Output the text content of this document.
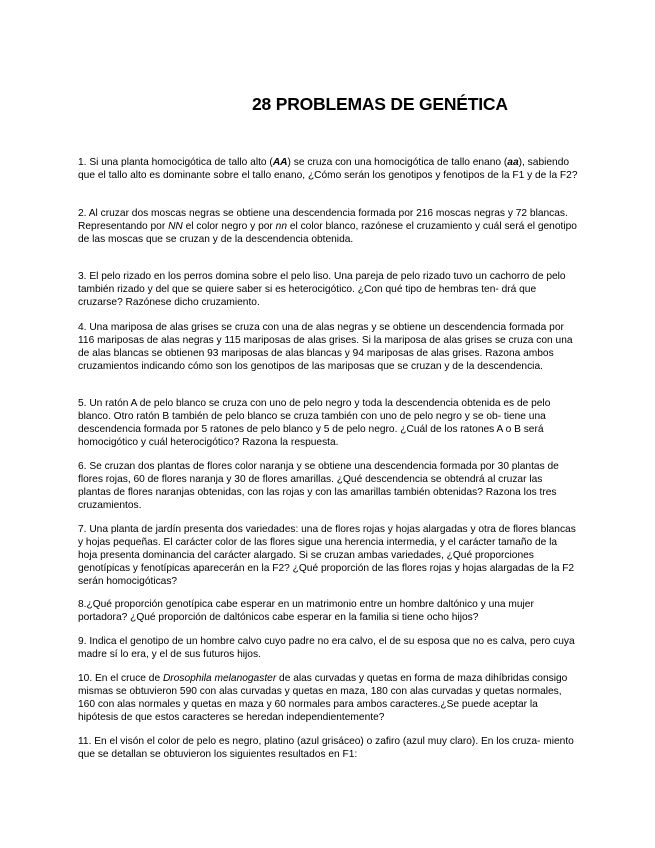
28 PROBLEMAS DE GENÉTICA

1. Si una planta homocigótica de tallo alto (AA) se cruza con una homocigótica de tallo enano (aa), sabiendo que el tallo alto es dominante sobre el tallo enano, ¿Cómo serán los genotipos y fenotipos de la F1 y de la F2?

2. Al cruzar dos moscas negras se obtiene una descendencia formada por 216 moscas negras y 72 blancas. Representando por NN el color negro y por nn el color blanco, razónese el cruzamiento y cuál será el genotipo de las moscas que se cruzan y de la descendencia obtenida.

3. El pelo rizado en los perros domina sobre el pelo liso. Una pareja de pelo rizado tuvo un cachorro de pelo también rizado y del que se quiere saber si es heterocigótico. ¿Con qué tipo de hembras ten- drá que cruzarse? Razónese dicho cruzamiento.

4. Una mariposa de alas grises se cruza con una de alas negras y se obtiene un descendencia formada por 116 mariposas de alas negras y 115 mariposas de alas grises. Si la mariposa de alas grises se cruza con una de alas blancas se obtienen 93 mariposas de alas blancas y 94 mariposas de alas grises. Razona ambos cruzamientos indicando cómo son los genotipos de las mariposas que se cruzan y de la descendencia.

5. Un ratón A de pelo blanco se cruza con uno de pelo negro y toda la descendencia obtenida es de pelo blanco. Otro ratón B también de pelo blanco se cruza también con uno de pelo negro y se ob- tiene una descendencia formada por 5 ratones de pelo blanco y 5 de pelo negro. ¿Cuál de los ratones A o B será homocigótico y cuál heterocigótico? Razona la respuesta.

6. Se cruzan dos plantas de flores color naranja y se obtiene una descendencia formada por 30 plantas de flores rojas, 60 de flores naranja y 30 de flores amarillas. ¿Qué descendencia se obtendrá al cruzar las plantas de flores naranjas obtenidas, con las rojas y con las amarillas también obtenidas? Razona los tres cruzamientos.

7. Una planta de jardín presenta dos variedades: una de flores rojas y hojas alargadas y otra de flores blancas y hojas pequeñas. El carácter color de las flores sigue una herencia intermedia, y el carácter tamaño de la hoja presenta dominancia del carácter alargado. Si se cruzan ambas variedades, ¿Qué proporciones genotípicas y fenotípicas aparecerán en la F2? ¿Qué proporción de las flores rojas y hojas alargadas de la F2 serán homocigóticas?

8.¿Qué proporción genotípica cabe esperar en un matrimonio entre un hombre daltónico y una mujer portadora? ¿Qué proporción de daltónicos cabe esperar en la familia si tiene ocho hijos?

9. Indica el genotipo de un hombre calvo cuyo padre no era calvo, el de su esposa que no es calva, pero cuya madre sí lo era, y el de sus futuros hijos.

10. En el cruce de Drosophila melanogaster de alas curvadas y quetas en forma de maza dihíbridas consigo mismas se obtuvieron 590 con alas curvadas y quetas en maza, 180 con alas curvadas y quetas normales, 160 con alas normales y quetas en maza y 60 normales para ambos caracteres.¿Se puede aceptar la hipótesis de que estos caracteres se heredan independientemente?

11. En el visón el color de pelo es negro, platino (azul grisáceo) o zafiro (azul muy claro). En los cruza- miento que se detallan se obtuvieron los siguientes resultados en F1:
